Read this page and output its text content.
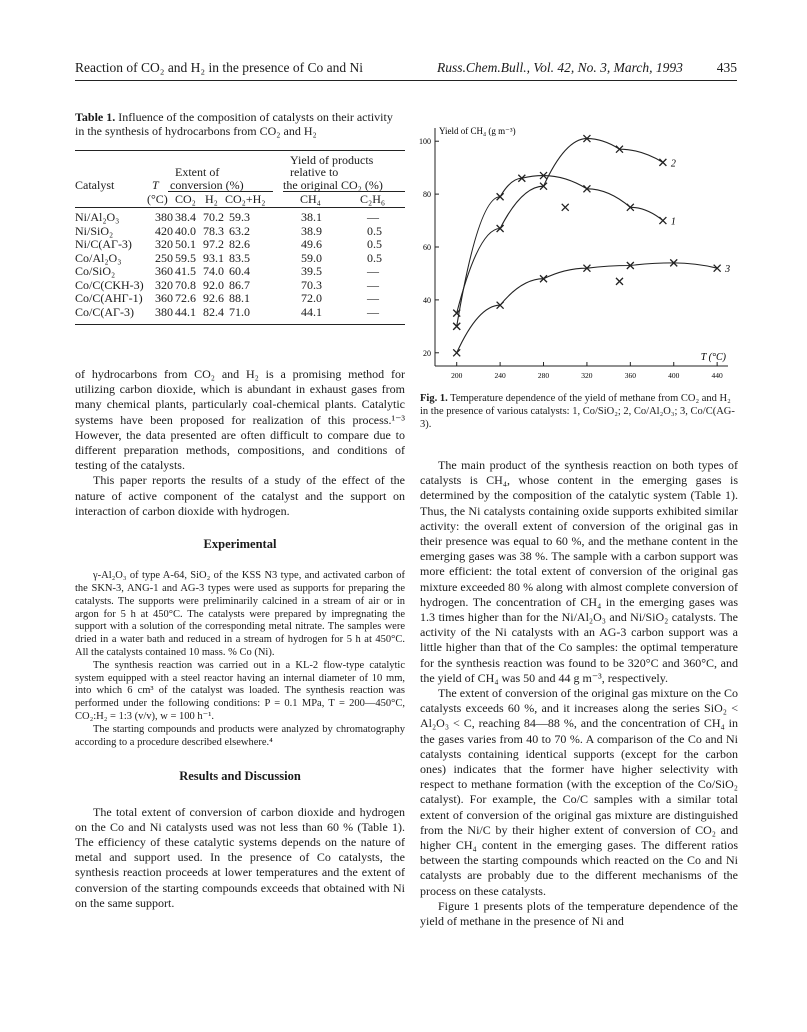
Reaction of CO₂ and H₂ in the presence of Co and Ni	Russ.Chem.Bull., Vol. 42, No. 3, March, 1993	435
Table 1. Influence of the composition of catalysts on their activity in the synthesis of hydrocarbons from CO₂ and H₂
Yield of products
Extent of	relative to
Catalyst	T conversion (%)	the original CO₂ (%)
(°C) CO₂ H₂ CO₂+H₂	CH₄	C₂H₆
Ni/Al₂O₃	380 38.4 70.2 59.3	38.1	—
Ni/SiO₂	420 40.0 78.3 63.2	38.9	0.5
Ni/C(AГ-3) 320 50.1 97.2 82.6	49.6	0.5
Co/Al₂O₃	250 59.5 93.1 83.5	59.0	0.5
Co/SiO₂	360 41.5 74.0 60.4	39.5	—
Co/C(CKH-3) 320 70.8 92.0 86.7	70.3	—
Co/C(AHГ-1) 360 72.6 92.6 88.1	72.0	—
Co/C(AГ-3) 380 44.1 82.4 71.0	44.1	—

of hydrocarbons from CO₂ and H₂ is a promising method for utilizing carbon dioxide, which is abundant in exhaust gases from many chemical plants, particularly coal-chemical plants. Catalytic systems have been proposed for realization of this process.¹⁻³ However, the data presented are often difficult to compare due to different preparation methods, compositions, and conditions of testing of the catalysts.

This paper reports the results of a study of the effect of the nature of active component of the catalyst and the support on interaction of carbon dioxide with hydrogen.

Experimental

γ-Al₂O₃ of type A-64, SiO₂ of the KSS N3 type, and activated carbon of the SKN-3, ANG-1 and AG-3 types were used as supports for preparing the catalysts. The supports were preliminarily calcined in a stream of air or in argon for 5 h at 450°C. The catalysts were prepared by impregnating the support with a solution of the corresponding metal nitrate. The samples were dried in a water bath and reduced in a stream of hydrogen for 5 h at 450°C. All the catalysts contained 10 mass. % Co (Ni).

The synthesis reaction was carried out in a KL-2 flow-type catalytic system equipped with a steel reactor having an internal diameter of 10 mm, into which 6 cm³ of the catalyst was loaded. The synthesis reaction was performed under the following conditions: P = 0.1 MPa, T = 200—450°C, CO₂:H₂ = 1:3 (v/v), w = 100 h⁻¹.

The starting compounds and products were analyzed by chromatography according to a procedure described elsewhere.⁴

Results and Discussion

The total extent of conversion of carbon dioxide and hydrogen on the Co and Ni catalysts used was not less than 60 % (Table 1). The efficiency of these catalytic systems depends on the nature of metal and support used. In the presence of Co catalysts, the synthesis reaction proceeds at lower temperatures and the extent of conversion of the starting compounds exceeds that obtained with Ni on the same support.

20
40
60
80
100
200	240	280	320	360	400	440
Yield of CH₄ (g m⁻³)
T (°C)
2
1
3
Fig. 1. Temperature dependence of the yield of methane from CO₂ and H₂ in the presence of various catalysts: 1, Co/SiO₂; 2, Co/Al₂O₃; 3, Co/C(AG-3).

The main product of the synthesis reaction on both types of catalysts is CH₄, whose content in the emerging gases is determined by the composition of the catalytic system (Table 1). Thus, the Ni catalysts containing oxide supports exhibited similar activity: the overall extent of conversion of the original gas in their presence was equal to 60 %, and the methane content in the emerging gases was 38 %. The sample with a carbon support was more efficient: the total extent of conversion of the original gas mixture exceeded 80 % along with almost complete conversion of hydrogen. The concentration of CH₄ in the emerging gases was 1.3 times higher than for the Ni/Al₂O₃ and Ni/SiO₂ catalysts. The activity of the Ni catalysts with an AG-3 carbon support was a little higher than that of the Co samples: the optimal temperature for the synthesis reaction was found to be 320°C and 360°C, and the yield of CH₄ was 50 and 44 g m⁻³, respectively.

The extent of conversion of the original gas mixture on the Co catalysts exceeds 60 %, and it increases along the series SiO₂ < Al₂O₃ < C, reaching 84—88 %, and the concentration of CH₄ in the gases varies from 40 to 70 %. A comparison of the Co and Ni catalysts containing identical supports (except for the carbon ones) indicates that the former have higher selectivity with respect to methane formation (with the exception of the Co/SiO₂ catalyst). For example, the Co/C samples with a similar total extent of conversion of the original gas mixture are distinguished from the Ni/C by their higher extent of conversion of CO₂ and higher CH₄ content in the emerging gases. The different ratios between the starting compounds which reacted on the Co and Ni catalysts are probably due to the different mechanisms of the process on these catalysts.

Figure 1 presents plots of the temperature dependence of the yield of methane in the presence of Ni and
